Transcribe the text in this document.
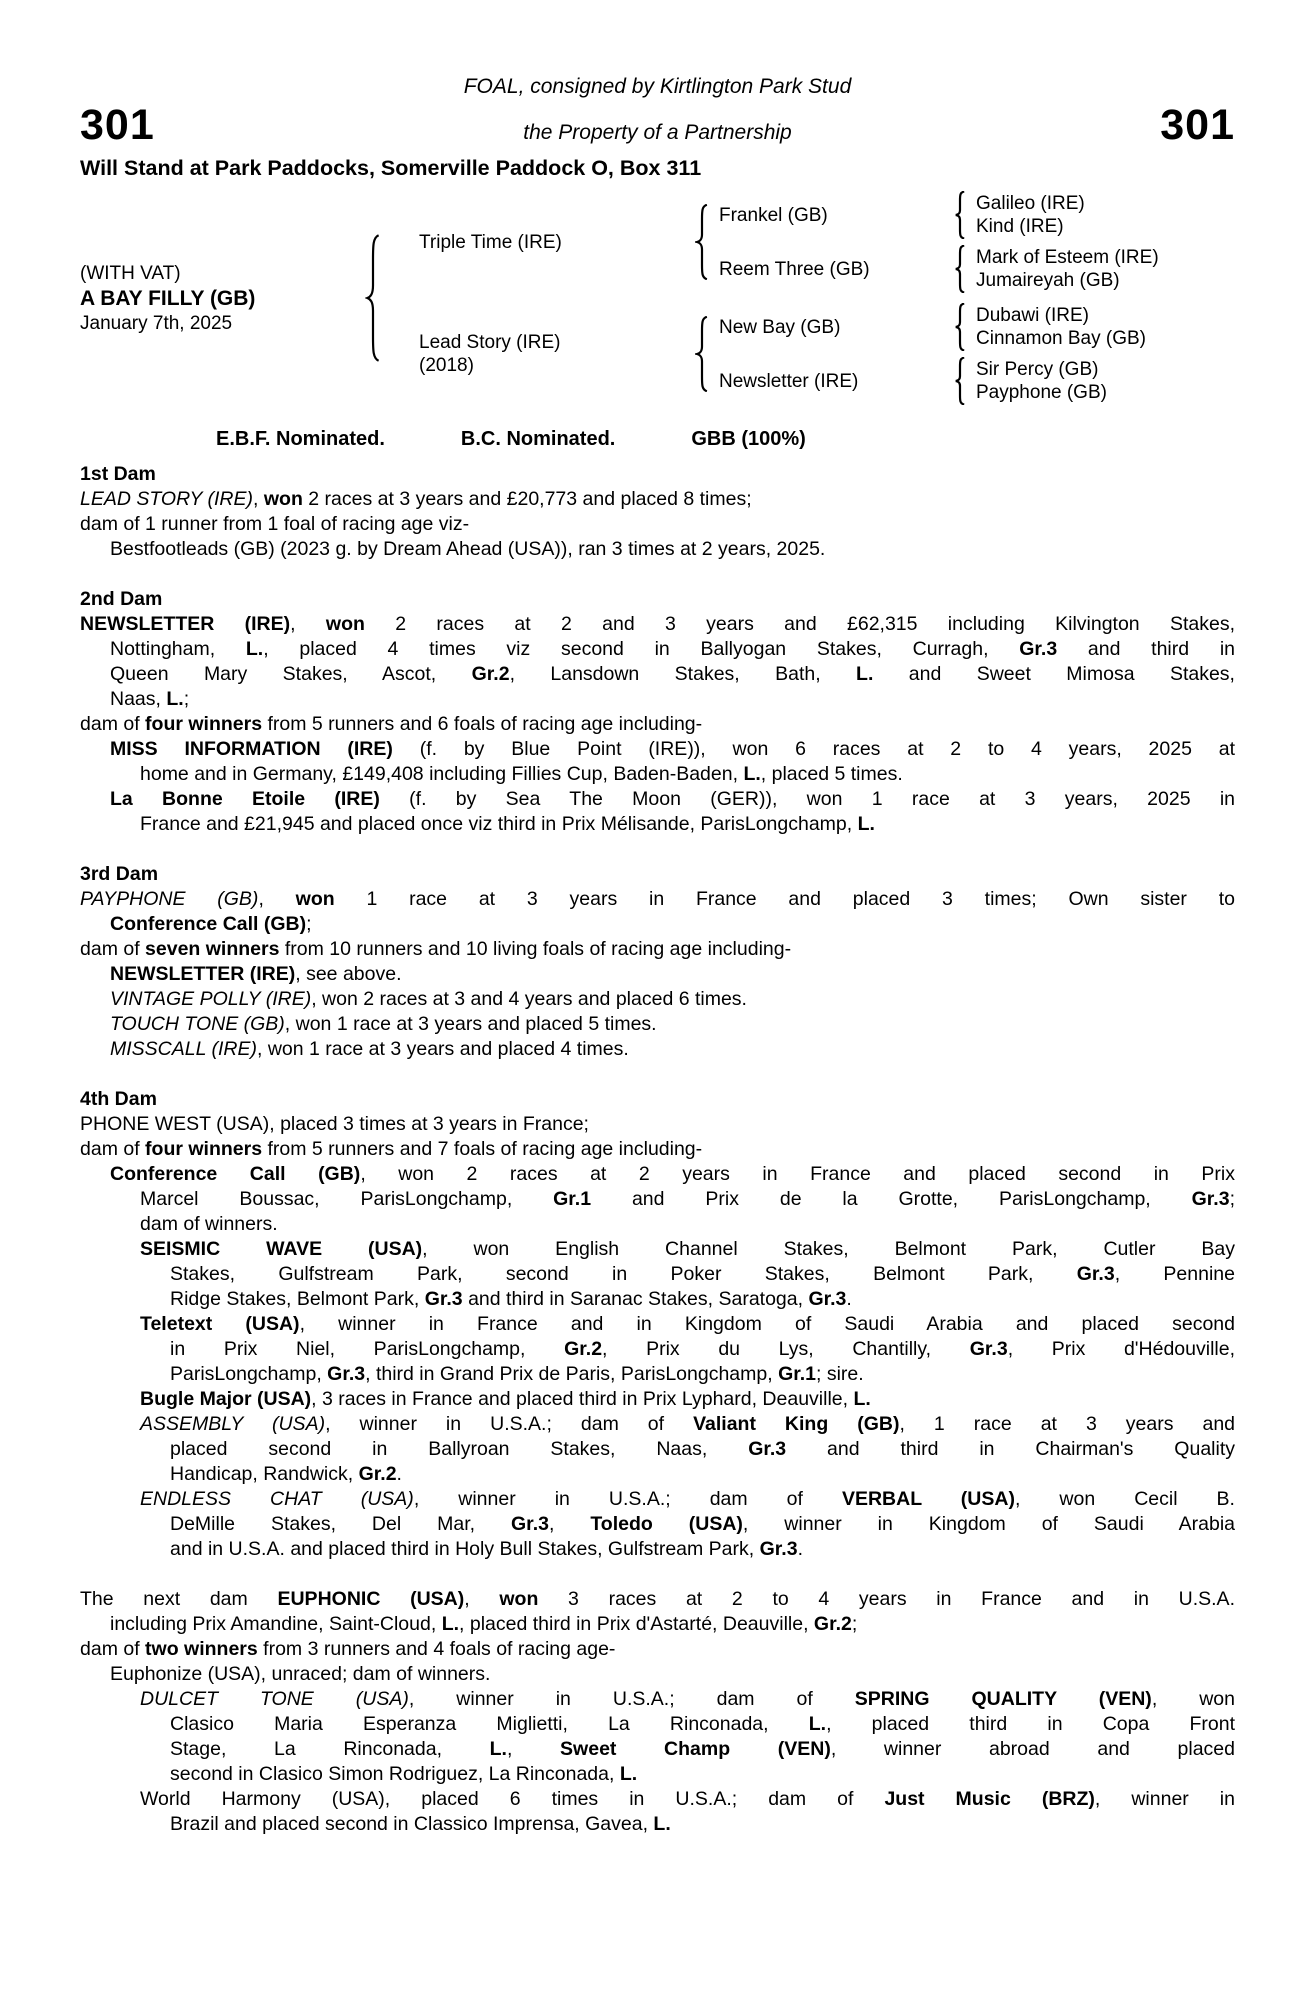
FOAL, consigned by Kirtlington Park Stud
301	the Property of a Partnership	301
Will Stand at Park Paddocks, Somerville Paddock O, Box 311
(WITH VAT)
A BAY FILLY (GB)
January 7th, 2025
Triple Time (IRE)
Frankel (GB)
Galileo (IRE)
Kind (IRE)
Reem Three (GB)
Mark of Esteem (IRE)
Jumaireyah (GB)
Lead Story (IRE)
(2018)
New Bay (GB)
Dubawi (IRE)
Cinnamon Bay (GB)
Newsletter (IRE)
Sir Percy (GB)
Payphone (GB)
E.B.F. Nominated.	B.C. Nominated.	GBB (100%)
1st Dam
LEAD STORY (IRE), won 2 races at 3 years and £20,773 and placed 8 times;
dam of 1 runner from 1 foal of racing age viz-
Bestfootleads (GB) (2023 g. by Dream Ahead (USA)), ran 3 times at 2 years, 2025.
2nd Dam
NEWSLETTER (IRE), won 2 races at 2 and 3 years and £62,315 including Kilvington Stakes,
Nottingham, L., placed 4 times viz second in Ballyogan Stakes, Curragh, Gr.3 and third in
Queen Mary Stakes, Ascot, Gr.2, Lansdown Stakes, Bath, L. and Sweet Mimosa Stakes,
Naas, L.;
dam of four winners from 5 runners and 6 foals of racing age including-
MISS INFORMATION (IRE) (f. by Blue Point (IRE)), won 6 races at 2 to 4 years, 2025 at
home and in Germany, £149,408 including Fillies Cup, Baden-Baden, L., placed 5 times.
La Bonne Etoile (IRE) (f. by Sea The Moon (GER)), won 1 race at 3 years, 2025 in
France and £21,945 and placed once viz third in Prix Mélisande, ParisLongchamp, L.
3rd Dam
PAYPHONE (GB), won 1 race at 3 years in France and placed 3 times; Own sister to
Conference Call (GB);
dam of seven winners from 10 runners and 10 living foals of racing age including-
NEWSLETTER (IRE), see above.
VINTAGE POLLY (IRE), won 2 races at 3 and 4 years and placed 6 times.
TOUCH TONE (GB), won 1 race at 3 years and placed 5 times.
MISSCALL (IRE), won 1 race at 3 years and placed 4 times.
4th Dam
PHONE WEST (USA), placed 3 times at 3 years in France;
dam of four winners from 5 runners and 7 foals of racing age including-
Conference Call (GB), won 2 races at 2 years in France and placed second in Prix
Marcel Boussac, ParisLongchamp, Gr.1 and Prix de la Grotte, ParisLongchamp, Gr.3;
dam of winners.
SEISMIC WAVE (USA), won English Channel Stakes, Belmont Park, Cutler Bay
Stakes, Gulfstream Park, second in Poker Stakes, Belmont Park, Gr.3, Pennine
Ridge Stakes, Belmont Park, Gr.3 and third in Saranac Stakes, Saratoga, Gr.3.
Teletext (USA), winner in France and in Kingdom of Saudi Arabia and placed second
in Prix Niel, ParisLongchamp, Gr.2, Prix du Lys, Chantilly, Gr.3, Prix d'Hédouville,
ParisLongchamp, Gr.3, third in Grand Prix de Paris, ParisLongchamp, Gr.1; sire.
Bugle Major (USA), 3 races in France and placed third in Prix Lyphard, Deauville, L.
ASSEMBLY (USA), winner in U.S.A.; dam of Valiant King (GB), 1 race at 3 years and
placed second in Ballyroan Stakes, Naas, Gr.3 and third in Chairman's Quality
Handicap, Randwick, Gr.2.
ENDLESS CHAT (USA), winner in U.S.A.; dam of VERBAL (USA), won Cecil B.
DeMille Stakes, Del Mar, Gr.3, Toledo (USA), winner in Kingdom of Saudi Arabia
and in U.S.A. and placed third in Holy Bull Stakes, Gulfstream Park, Gr.3.
The next dam EUPHONIC (USA), won 3 races at 2 to 4 years in France and in U.S.A.
including Prix Amandine, Saint-Cloud, L., placed third in Prix d'Astarté, Deauville, Gr.2;
dam of two winners from 3 runners and 4 foals of racing age-
Euphonize (USA), unraced; dam of winners.
DULCET TONE (USA), winner in U.S.A.; dam of SPRING QUALITY (VEN), won
Clasico Maria Esperanza Miglietti, La Rinconada, L., placed third in Copa Front
Stage, La Rinconada, L., Sweet Champ (VEN), winner abroad and placed
second in Clasico Simon Rodriguez, La Rinconada, L.
World Harmony (USA), placed 6 times in U.S.A.; dam of Just Music (BRZ), winner in
Brazil and placed second in Classico Imprensa, Gavea, L.
